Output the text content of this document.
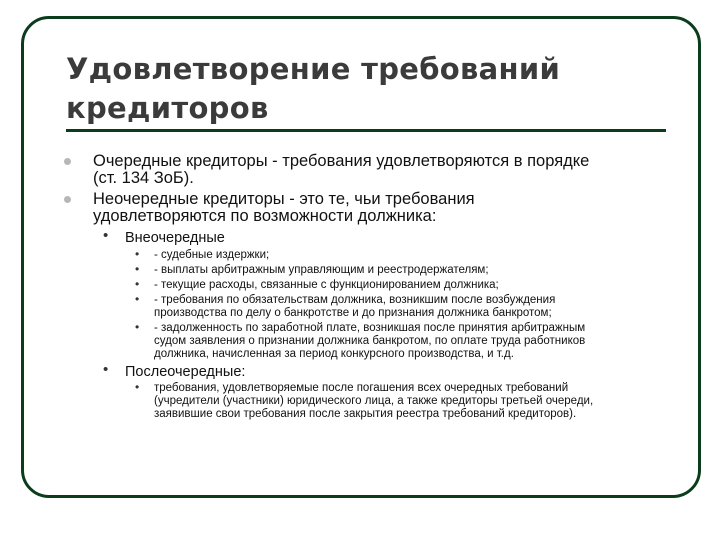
Удовлетворение требований
кредиторов
Очередные кредиторы - требования удовлетворяются в порядке
(ст. 134 ЗоБ).
Неочередные кредиторы - это те, чьи требования
удовлетворяются по возможности должника:
• Внеочередные
• - судебные издержки;
• - выплаты арбитражным управляющим и реестродержателям;
• - текущие расходы, связанные с функционированием должника;
• - требования по обязательствам должника, возникшим после возбуждения
производства по делу о банкротстве и до признания должника банкротом;
• - задолженность по заработной плате, возникшая после принятия арбитражным
судом заявления о признании должника банкротом, по оплате труда работников
должника, начисленная за период конкурсного производства, и т.д.
• Послеочередные:
• требования, удовлетворяемые после погашения всех очередных требований
(учредители (участники) юридического лица, а также кредиторы третьей очереди,
заявившие свои требования после закрытия реестра требований кредиторов).
